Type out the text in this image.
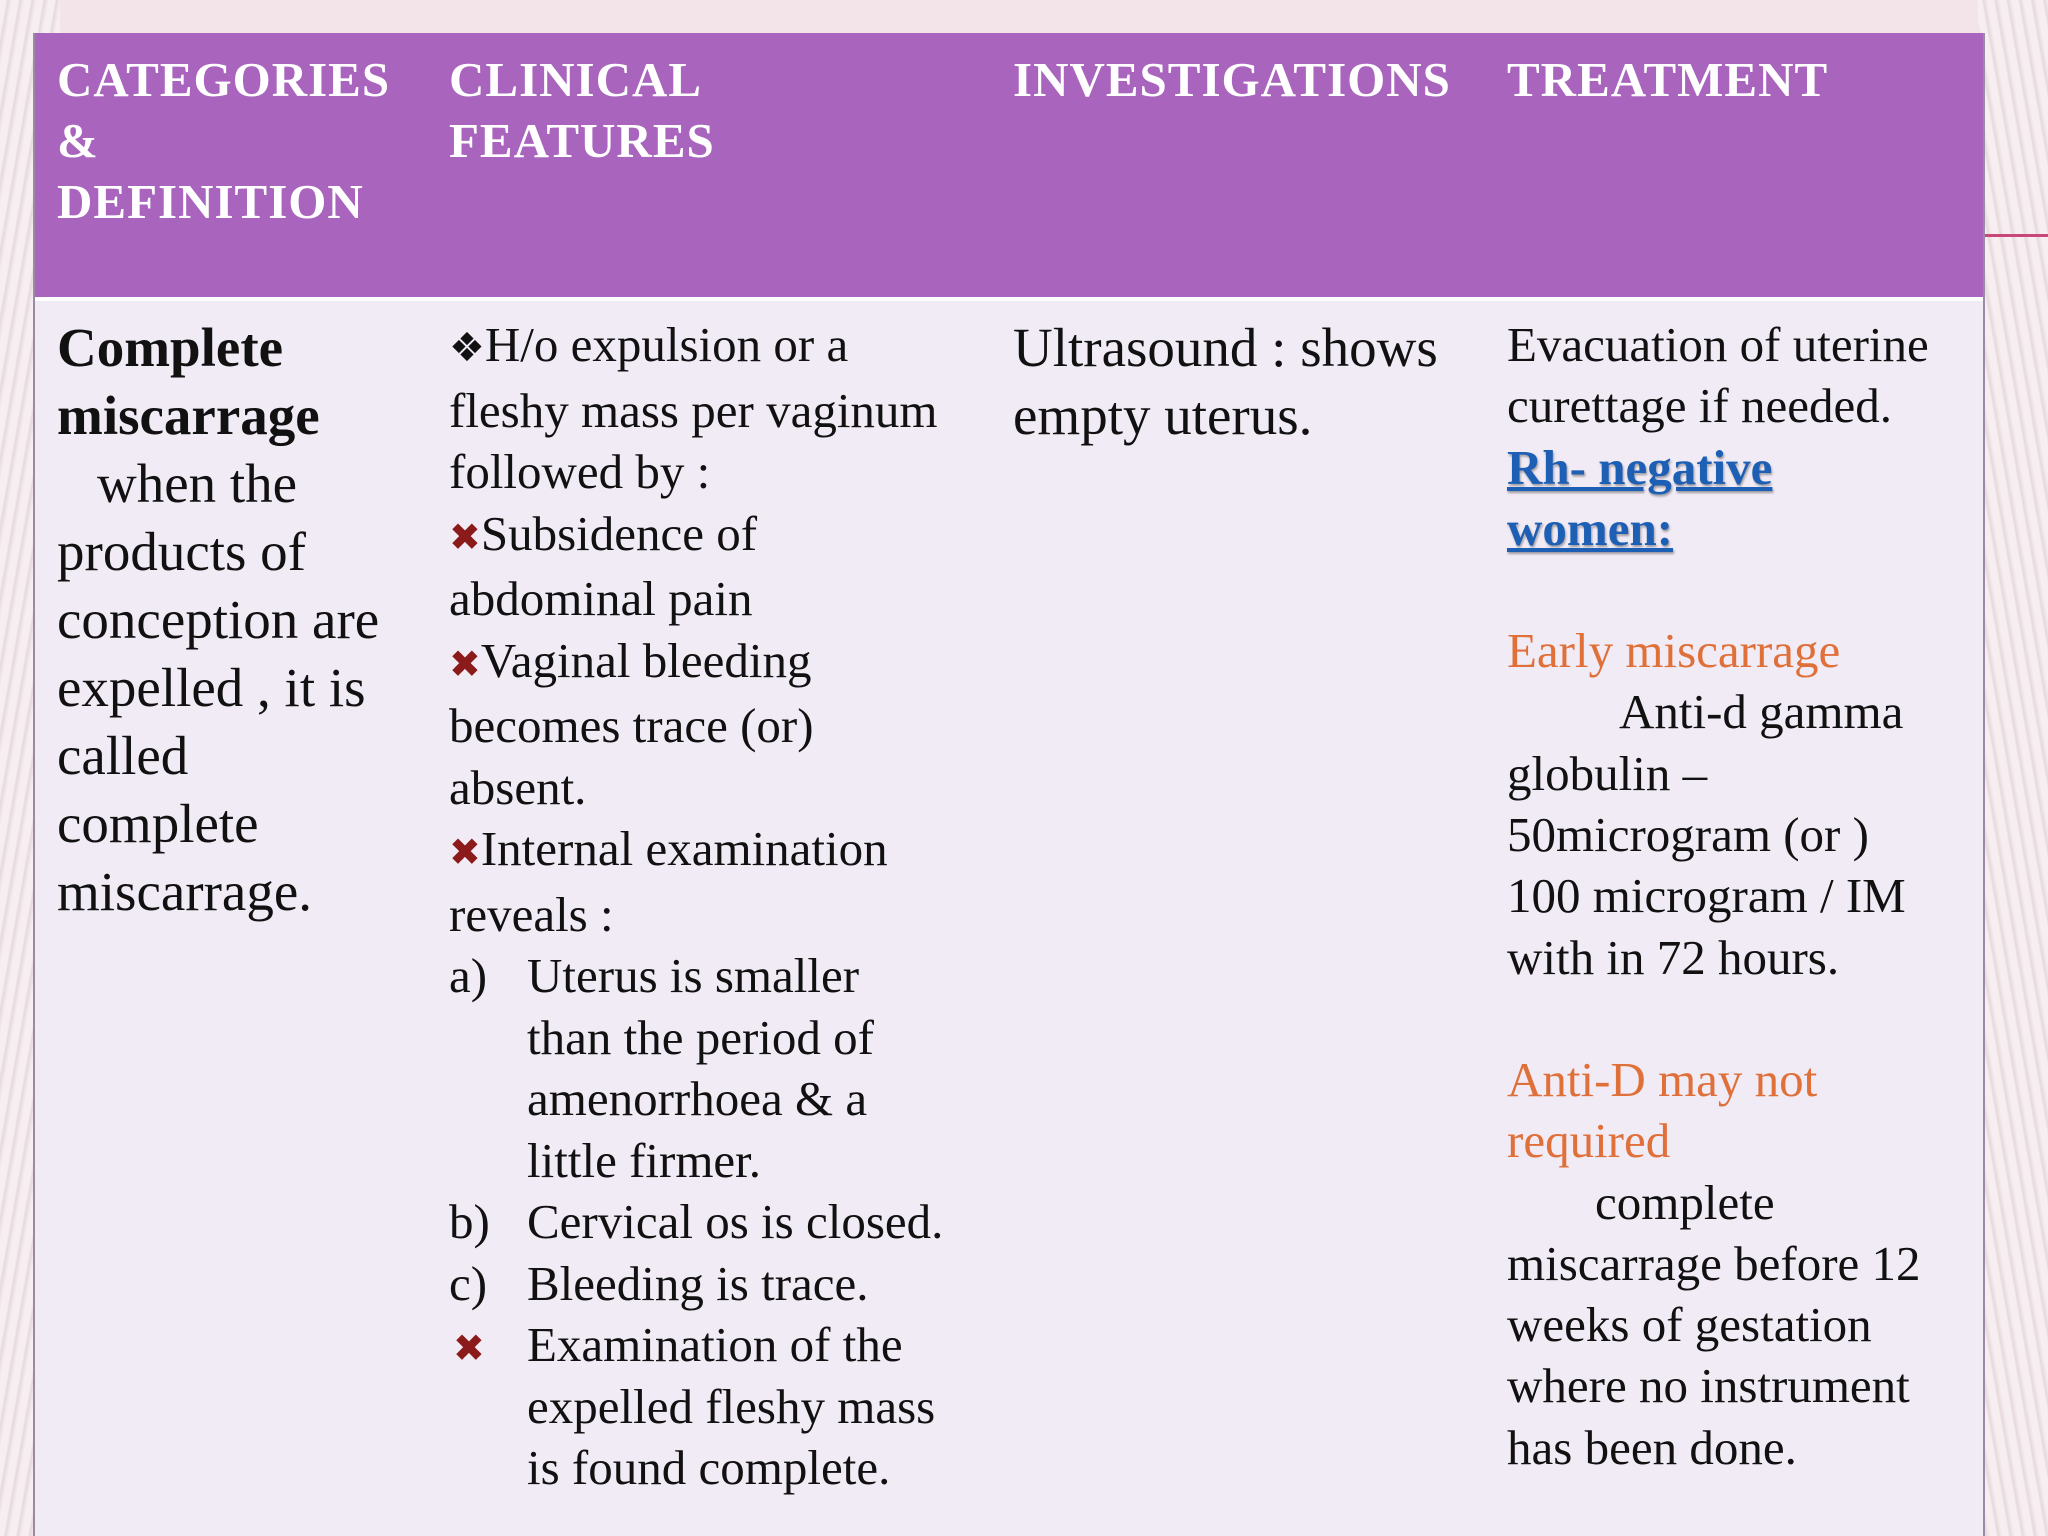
CATEGORIES
&
DEFINITION
CLINICAL
FEATURES
INVESTIGATIONS	TREATMENT
Complete
miscarrage
when the
products of
conception are
expelled , it is
called
complete
miscarrage.
❖H/o expulsion or a
fleshy mass per vaginum
followed by :
✖Subsidence of
abdominal pain
✖Vaginal bleeding
becomes trace (or)
absent.
✖Internal examination
reveals :
a) Uterus is smaller
than the period of
amenorrhoea & a
little firmer.
b) Cervical os is closed.
c) Bleeding is trace.
✖ Examination of the
expelled fleshy mass
is found complete.
Ultrasound : shows
empty uterus.
Evacuation of uterine
curettage if needed.
Rh- negative
women:
Early miscarrage
Anti-d gamma
globulin –
50microgram (or )
100 microgram / IM
with in 72 hours.
Anti-D may not
required
complete
miscarrage before 12
weeks of gestation
where no instrument
has been done.
